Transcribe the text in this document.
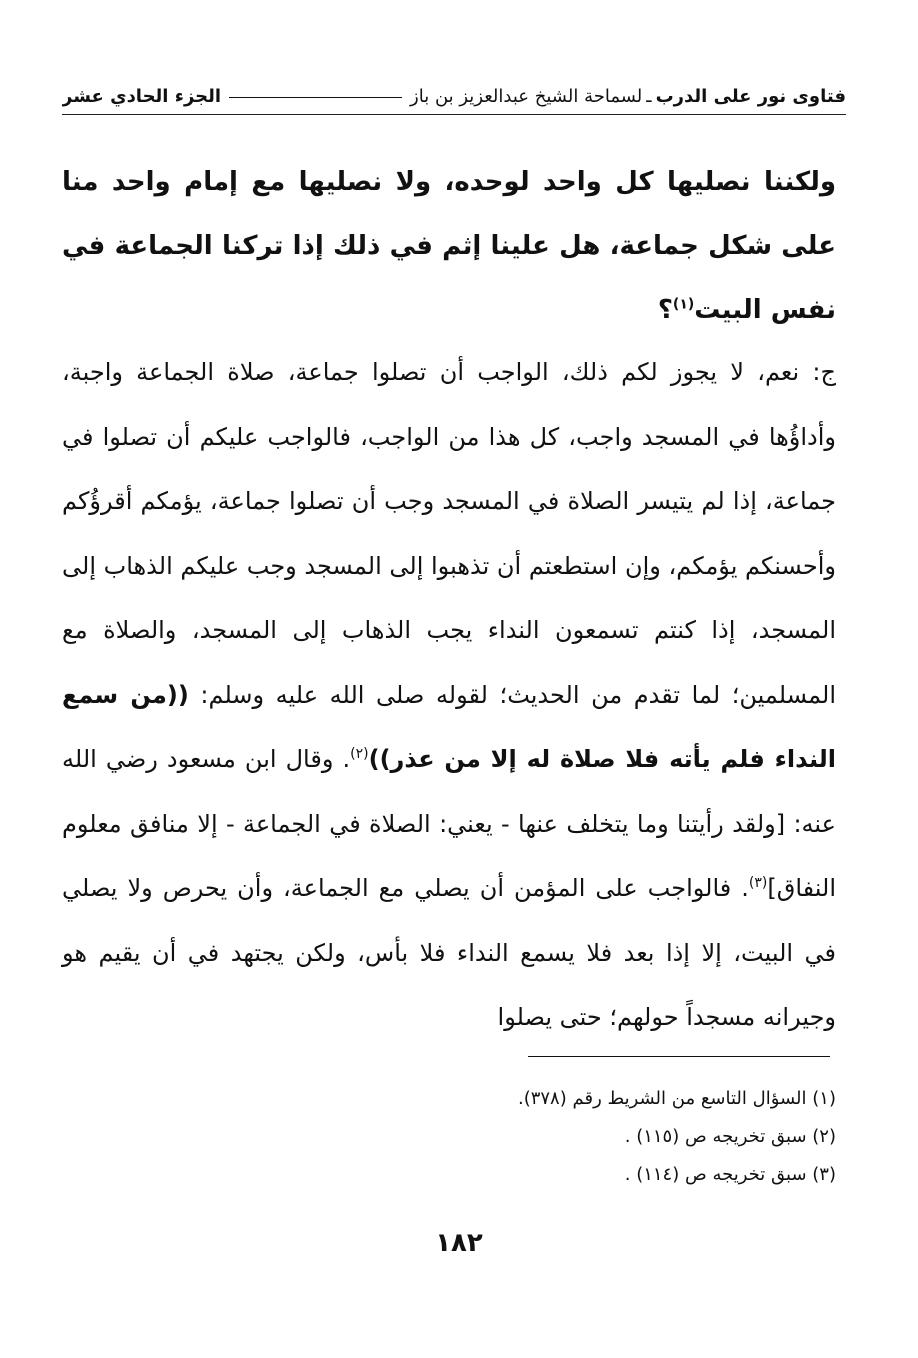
فتاوى نور على الدرب
ـ
لسماحة الشيخ عبدالعزيز بن باز
الجزء الحادي عشر
ولكننا نصليها كل واحد لوحده، ولا نصليها مع إمام واحد منا على شكل جماعة، هل علينا إثم في ذلك إذا تركنا الجماعة في نفس البيت$^{(١)}$؟
ج: نعم، لا يجوز لكم ذلك، الواجب أن تصلوا جماعة، صلاة الجماعة واجبة، وأداؤُها في المسجد واجب، كل هذا من الواجب، فالواجب عليكم أن تصلوا في جماعة، إذا لم يتيسر الصلاة في المسجد وجب أن تصلوا جماعة، يؤمكم أقرؤُكم وأحسنكم يؤمكم، وإن استطعتم أن تذهبوا إلى المسجد وجب عليكم الذهاب إلى المسجد، إذا كنتم تسمعون النداء يجب الذهاب إلى المسجد، والصلاة مع المسلمين؛ لما تقدم من الحديث؛ لقوله صلى الله عليه وسلم: ((من سمع النداء فلم يأته فلا صلاة له إلا من عذر))$^{(٢)}$. وقال ابن مسعود رضي الله عنه: [ولقد رأيتنا وما يتخلف عنها - يعني: الصلاة في الجماعة - إلا منافق معلوم النفاق]$^{(٣)}$. فالواجب على المؤمن أن يصلي مع الجماعة، وأن يحرص ولا يصلي في البيت، إلا إذا بعد فلا يسمع النداء فلا بأس، ولكن يجتهد في أن يقيم هو وجيرانه مسجداً حولهم؛ حتى يصلوا
(١) السؤال التاسع من الشريط رقم (٣٧٨).
(٢) سبق تخريجه ص (١١٥) .
(٣) سبق تخريجه ص (١١٤) .
١٨٢
